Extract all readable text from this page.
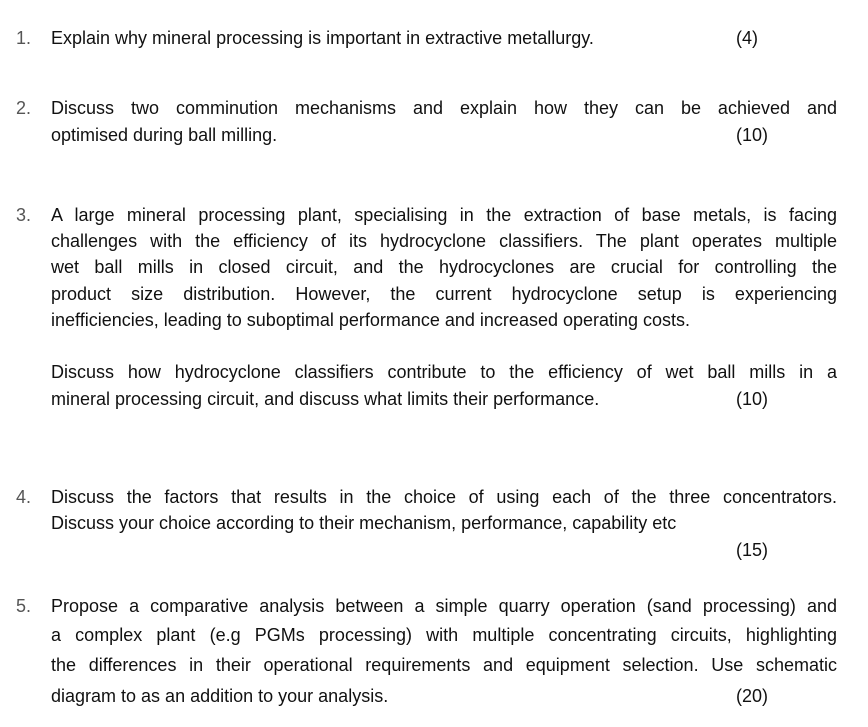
1. Explain why mineral processing is important in extractive metallurgy.	(4)
2. Discuss two comminution mechanisms and explain how they can be achieved and
optimised during ball milling.	(10)
3. A large mineral processing plant, specialising in the extraction of base metals, is facing
challenges with the efficiency of its hydrocyclone classifiers. The plant operates multiple
wet ball mills in closed circuit, and the hydrocyclones are crucial for controlling the
product size distribution. However, the current hydrocyclone setup is experiencing
inefficiencies, leading to suboptimal performance and increased operating costs.
Discuss how hydrocyclone classifiers contribute to the efficiency of wet ball mills in a
mineral processing circuit, and discuss what limits their performance.	(10)
4. Discuss the factors that results in the choice of using each of the three concentrators.
Discuss your choice according to their mechanism, performance, capability etc
(15)
5. Propose a comparative analysis between a simple quarry operation (sand processing) and
a complex plant (e.g PGMs processing) with multiple concentrating circuits, highlighting
the differences in their operational requirements and equipment selection. Use schematic
diagram to as an addition to your analysis.	(20)
